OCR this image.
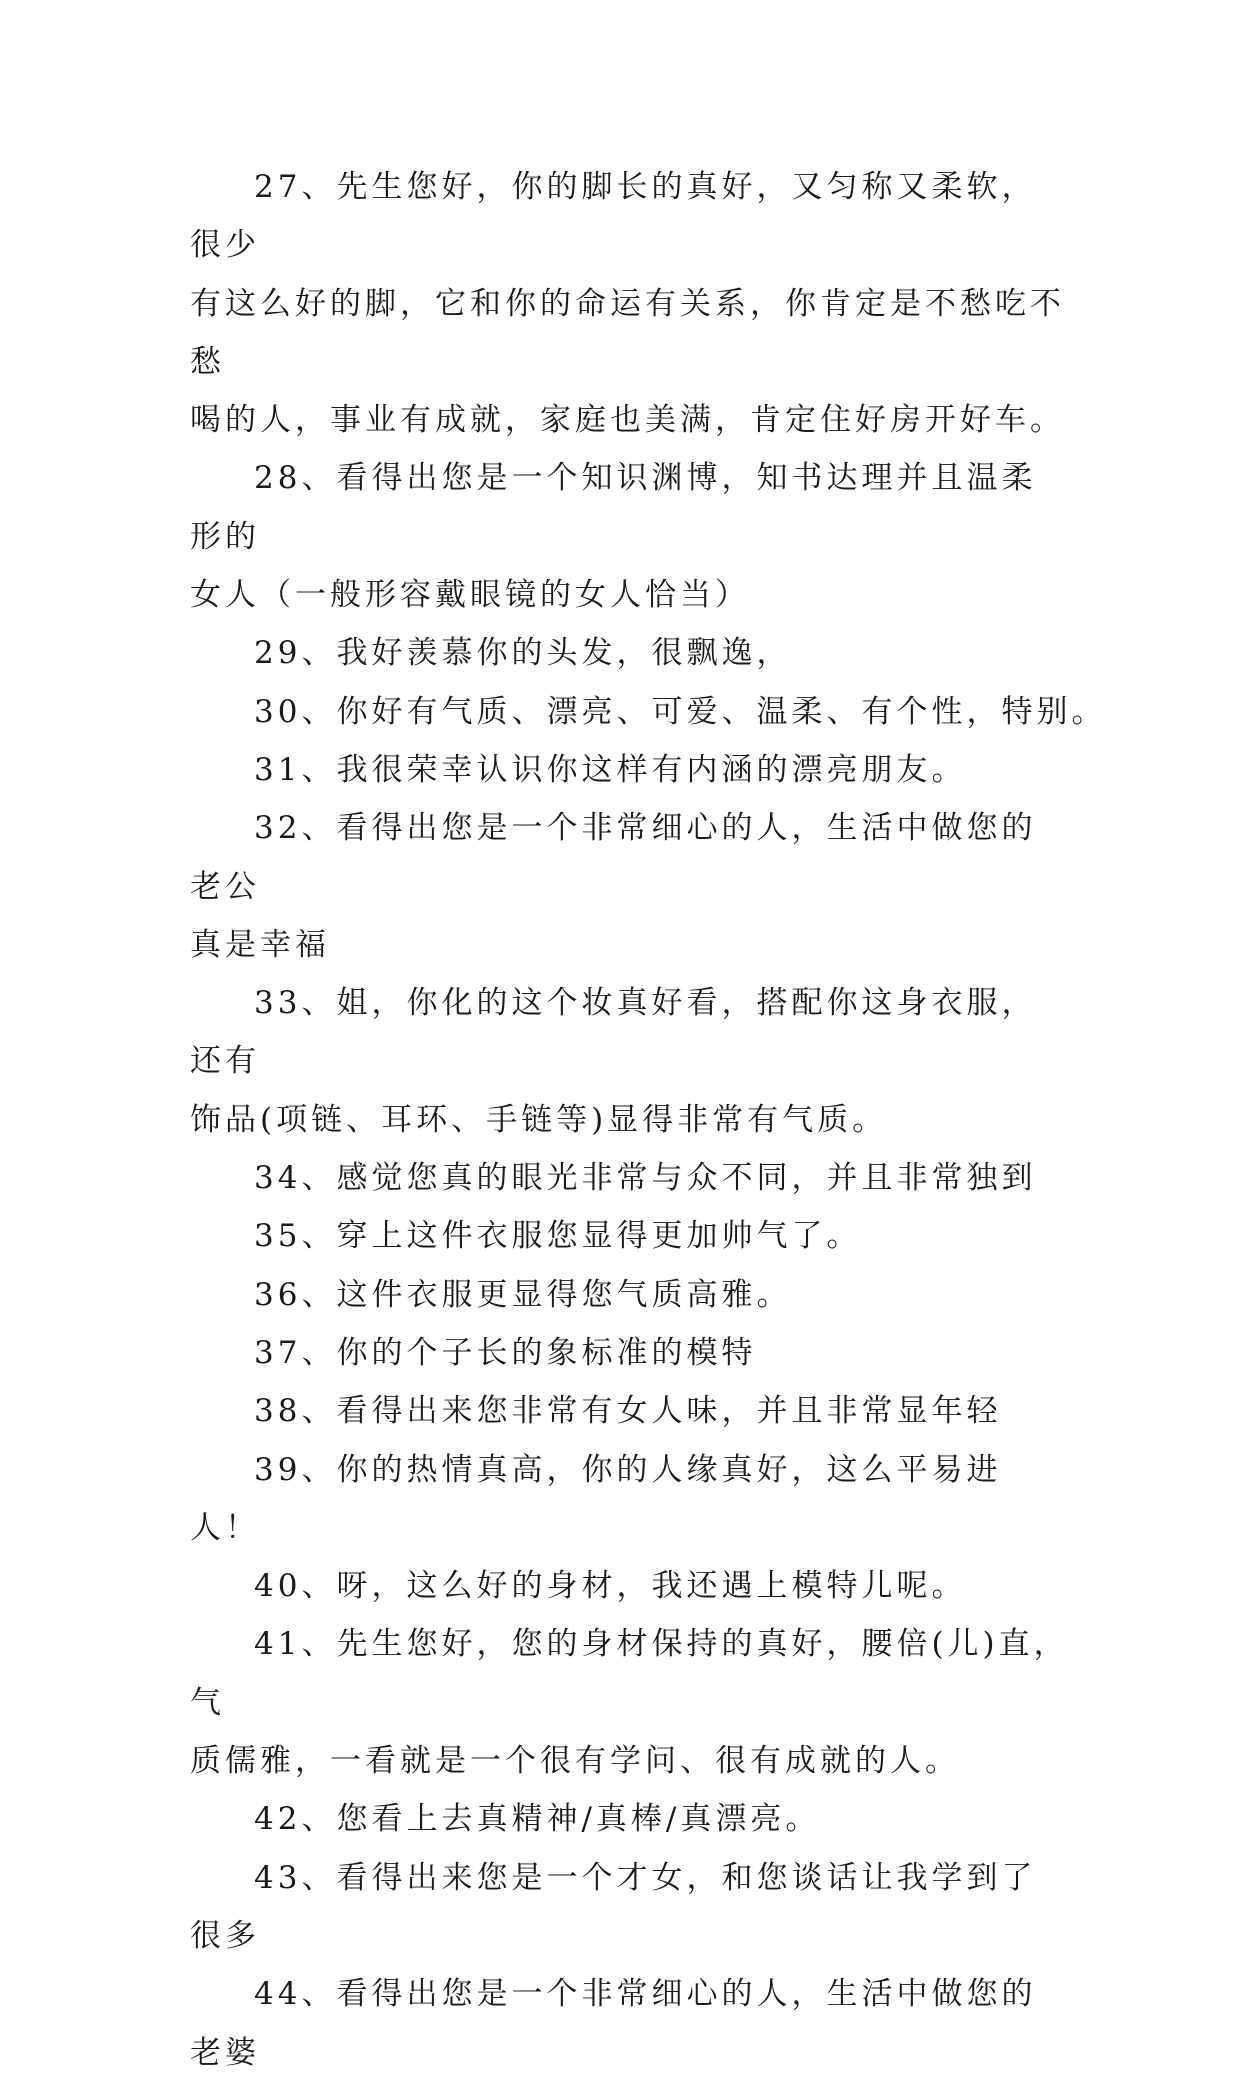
27、先生您好，你的脚长的真好，又匀称又柔软，很少
有这么好的脚，它和你的命运有关系，你肯定是不愁吃不愁
喝的人，事业有成就，家庭也美满，肯定住好房开好车。

28、看得出您是一个知识渊博，知书达理并且温柔形的
女人（一般形容戴眼镜的女人恰当）

29、我好羡慕你的头发，很飘逸，

30、你好有气质、漂亮、可爱、温柔、有个性，特别。

31、我很荣幸认识你这样有内涵的漂亮朋友。

32、看得出您是一个非常细心的人，生活中做您的老公
真是幸福

33、姐，你化的这个妆真好看，搭配你这身衣服，还有
饰品(项链、耳环、手链等)显得非常有气质。

34、感觉您真的眼光非常与众不同，并且非常独到

35、穿上这件衣服您显得更加帅气了。

36、这件衣服更显得您气质高雅。

37、你的个子长的象标准的模特

38、看得出来您非常有女人味，并且非常显年轻

39、你的热情真高，你的人缘真好，这么平易进人！

40、呀，这么好的身材，我还遇上模特儿呢。

41、先生您好，您的身材保持的真好，腰倍(儿)直，气
质儒雅，一看就是一个很有学问、很有成就的人。

42、您看上去真精神/真棒/真漂亮。

43、看得出来您是一个才女，和您谈话让我学到了很多

44、看得出您是一个非常细心的人，生活中做您的老婆
